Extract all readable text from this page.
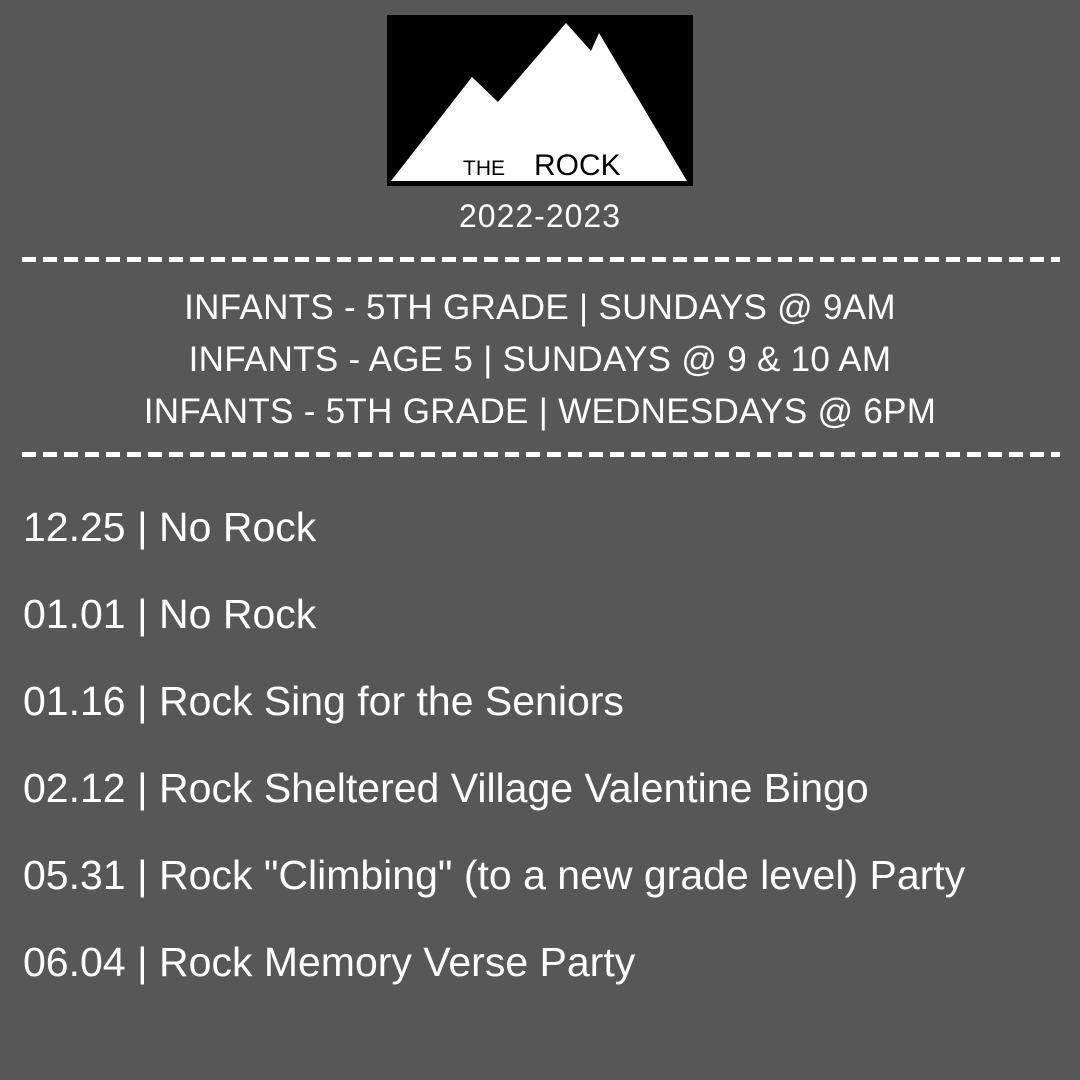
THE ROCK
2022-2023
INFANTS - 5TH GRADE | SUNDAYS @ 9AM
INFANTS - AGE 5 | SUNDAYS @ 9 & 10 AM
INFANTS - 5TH GRADE | WEDNESDAYS @ 6PM
12.25 | No Rock
01.01 | No Rock
01.16 | Rock Sing for the Seniors
02.12 | Rock Sheltered Village Valentine Bingo
05.31 | Rock "Climbing" (to a new grade level) Party
06.04 | Rock Memory Verse Party
